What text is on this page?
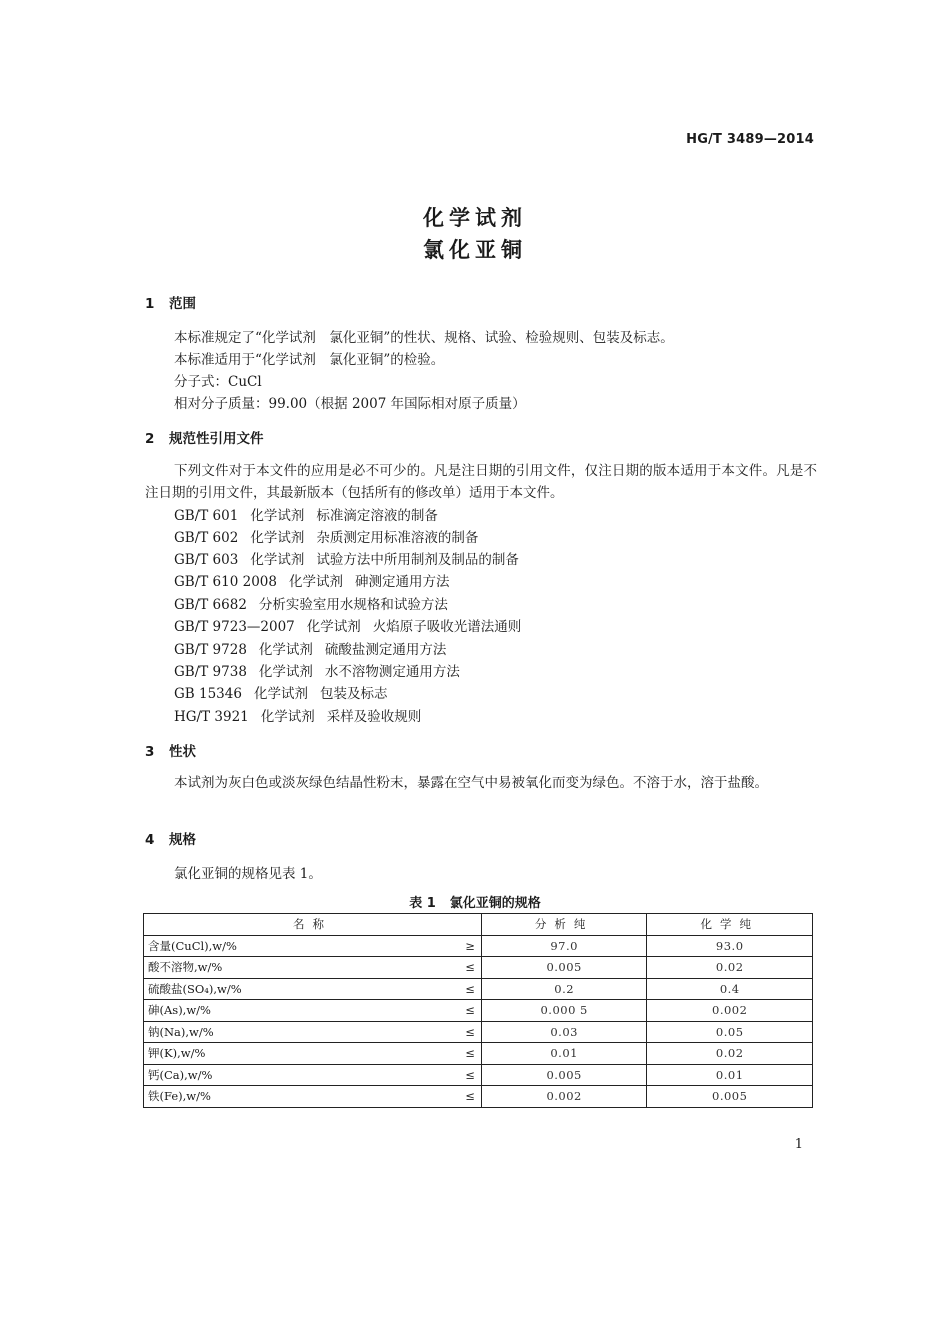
HG/T 3489—2014
化学试剂
氯化亚铜
1 范围
本标准规定了“化学试剂　氯化亚铜”的性状、规格、试验、检验规则、包装及标志。
本标准适用于“化学试剂　氯化亚铜”的检验。
分子式：CuCl
相对分子质量：99.00（根据 2007 年国际相对原子质量）
2 规范性引用文件
下列文件对于本文件的应用是必不可少的。凡是注日期的引用文件，仅注日期的版本适用于本文件。凡是不注日期的引用文件，其最新版本（包括所有的修改单）适用于本文件。
GB/T 601 化学试剂 标准滴定溶液的制备
GB/T 602 化学试剂 杂质测定用标准溶液的制备
GB/T 603 化学试剂 试验方法中所用制剂及制品的制备
GB/T 610 2008 化学试剂 砷测定通用方法
GB/T 6682 分析实验室用水规格和试验方法
GB/T 9723—2007 化学试剂 火焰原子吸收光谱法通则
GB/T 9728 化学试剂 硫酸盐测定通用方法
GB/T 9738 化学试剂 水不溶物测定通用方法
GB 15346 化学试剂 包装及标志
HG/T 3921 化学试剂 采样及验收规则
3 性状
本试剂为灰白色或淡灰绿色结晶性粉末，暴露在空气中易被氧化而变为绿色。不溶于水，溶于盐酸。
4 规格
氯化亚铜的规格见表 1。
表 1 氯化亚铜的规格
名称		分析纯	化学纯
含量(CuCl),w/%	≥	97.0	93.0
酸不溶物,w/%	≤	0.005	0.02
硫酸盐(SO₄),w/%	≤	0.2	0.4
砷(As),w/%	≤	0.000 5	0.002
钠(Na),w/%	≤	0.03	0.05
钾(K),w/%	≤	0.01	0.02
钙(Ca),w/%	≤	0.005	0.01
铁(Fe),w/%	≤	0.002	0.005
1
